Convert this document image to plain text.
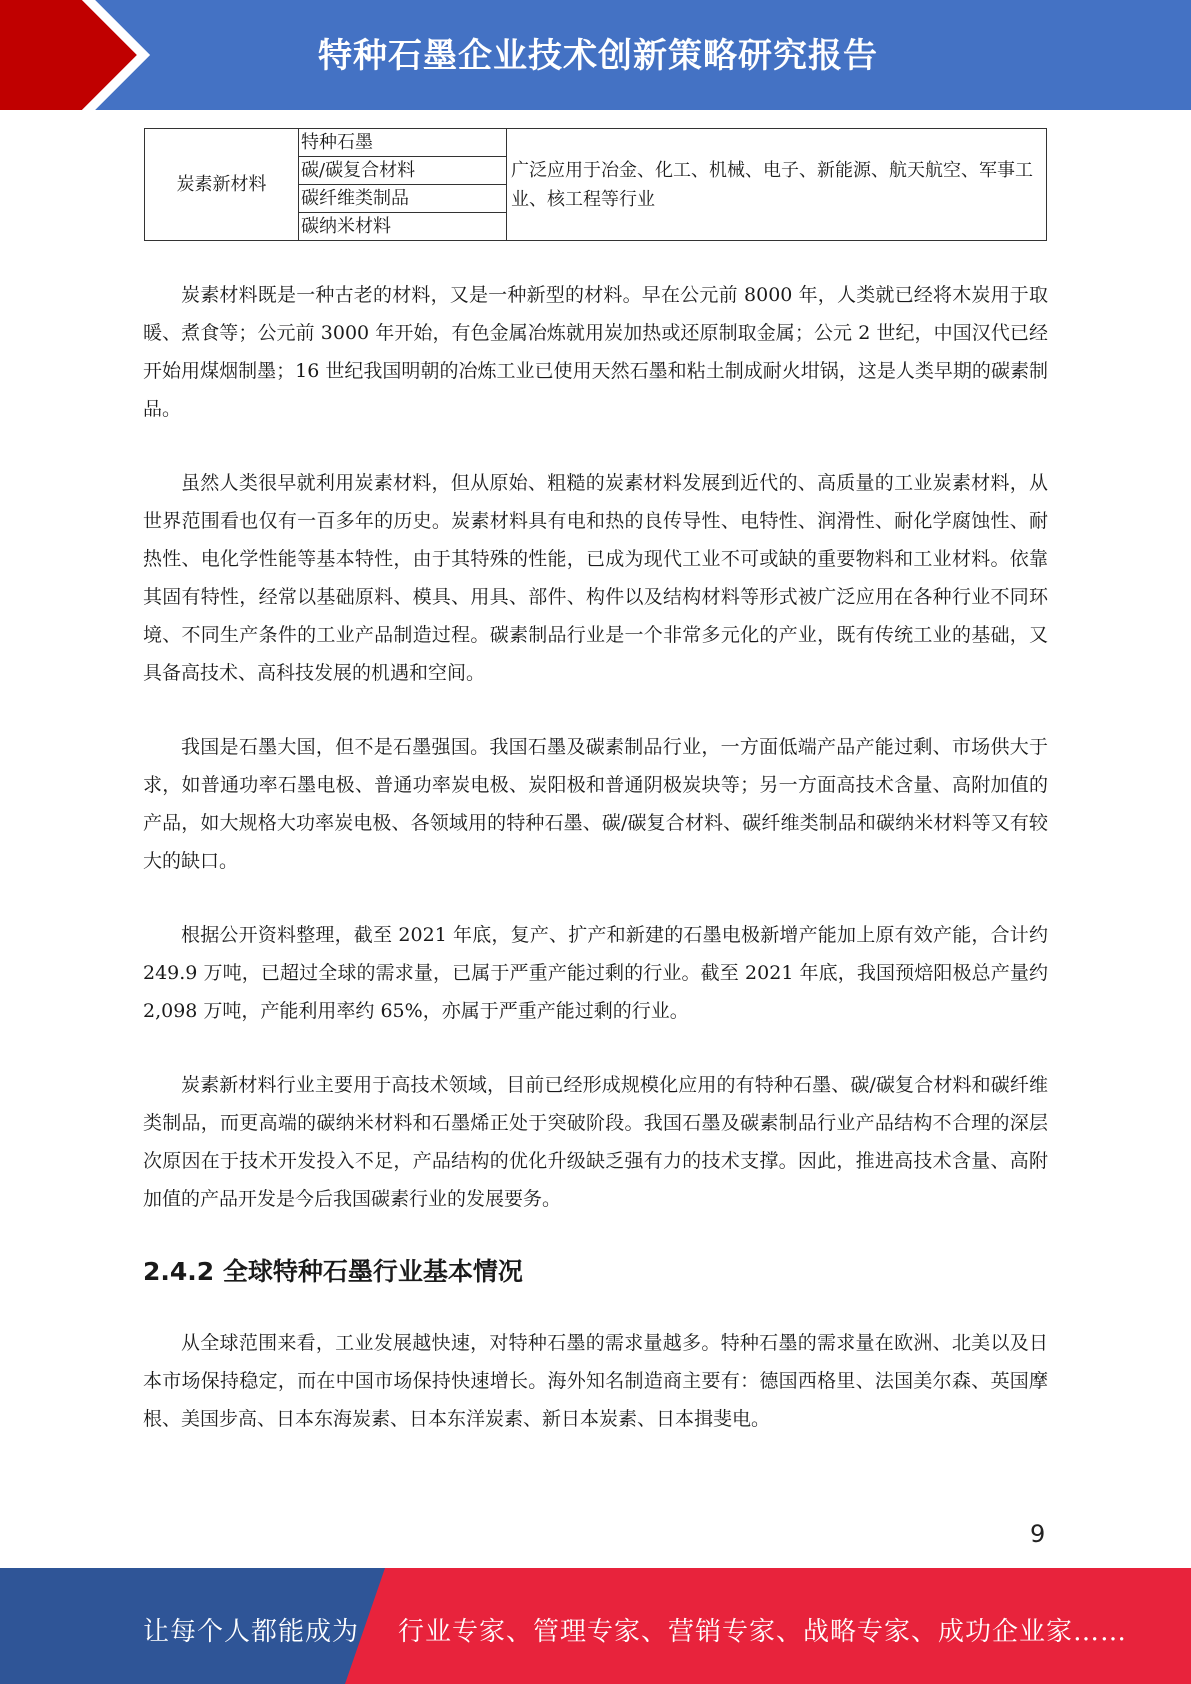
特种石墨企业技术创新策略研究报告
炭素新材料	特种石墨	广泛应用于冶金、化工、机械、电子、新能源、航天航空、军事工业、核工程等行业
碳/碳复合材料
碳纤维类制品
碳纳米材料

炭素材料既是一种古老的材料，又是一种新型的材料。早在公元前 8000 年，人类就已经将木炭用于取暖、煮食等；公元前 3000 年开始，有色金属冶炼就用炭加热或还原制取金属；公元 2 世纪，中国汉代已经开始用煤烟制墨；16 世纪我国明朝的冶炼工业已使用天然石墨和粘土制成耐火坩锅，这是人类早期的碳素制品。

虽然人类很早就利用炭素材料，但从原始、粗糙的炭素材料发展到近代的、高质量的工业炭素材料，从世界范围看也仅有一百多年的历史。炭素材料具有电和热的良传导性、电特性、润滑性、耐化学腐蚀性、耐热性、电化学性能等基本特性，由于其特殊的性能，已成为现代工业不可或缺的重要物料和工业材料。依靠其固有特性，经常以基础原料、模具、用具、部件、构件以及结构材料等形式被广泛应用在各种行业不同环境、不同生产条件的工业产品制造过程。碳素制品行业是一个非常多元化的产业，既有传统工业的基础，又具备高技术、高科技发展的机遇和空间。

我国是石墨大国，但不是石墨强国。我国石墨及碳素制品行业，一方面低端产品产能过剩、市场供大于求，如普通功率石墨电极、普通功率炭电极、炭阳极和普通阴极炭块等；另一方面高技术含量、高附加值的产品，如大规格大功率炭电极、各领域用的特种石墨、碳/碳复合材料、碳纤维类制品和碳纳米材料等又有较大的缺口。

根据公开资料整理，截至 2021 年底，复产、扩产和新建的石墨电极新增产能加上原有效产能，合计约 249.9 万吨，已超过全球的需求量，已属于严重产能过剩的行业。截至 2021 年底，我国预焙阳极总产量约 2,098 万吨，产能利用率约 65%，亦属于严重产能过剩的行业。

炭素新材料行业主要用于高技术领域，目前已经形成规模化应用的有特种石墨、碳/碳复合材料和碳纤维类制品，而更高端的碳纳米材料和石墨烯正处于突破阶段。我国石墨及碳素制品行业产品结构不合理的深层次原因在于技术开发投入不足，产品结构的优化升级缺乏强有力的技术支撑。因此，推进高技术含量、高附加值的产品开发是今后我国碳素行业的发展要务。

2.4.2 全球特种石墨行业基本情况

从全球范围来看，工业发展越快速，对特种石墨的需求量越多。特种石墨的需求量在欧洲、北美以及日本市场保持稳定，而在中国市场保持快速增长。海外知名制造商主要有：德国西格里、法国美尔森、英国摩根、美国步高、日本东海炭素、日本东洋炭素、新日本炭素、日本揖斐电。

9
让每个人都能成为 行业专家、管理专家、营销专家、战略专家、成功企业家……
